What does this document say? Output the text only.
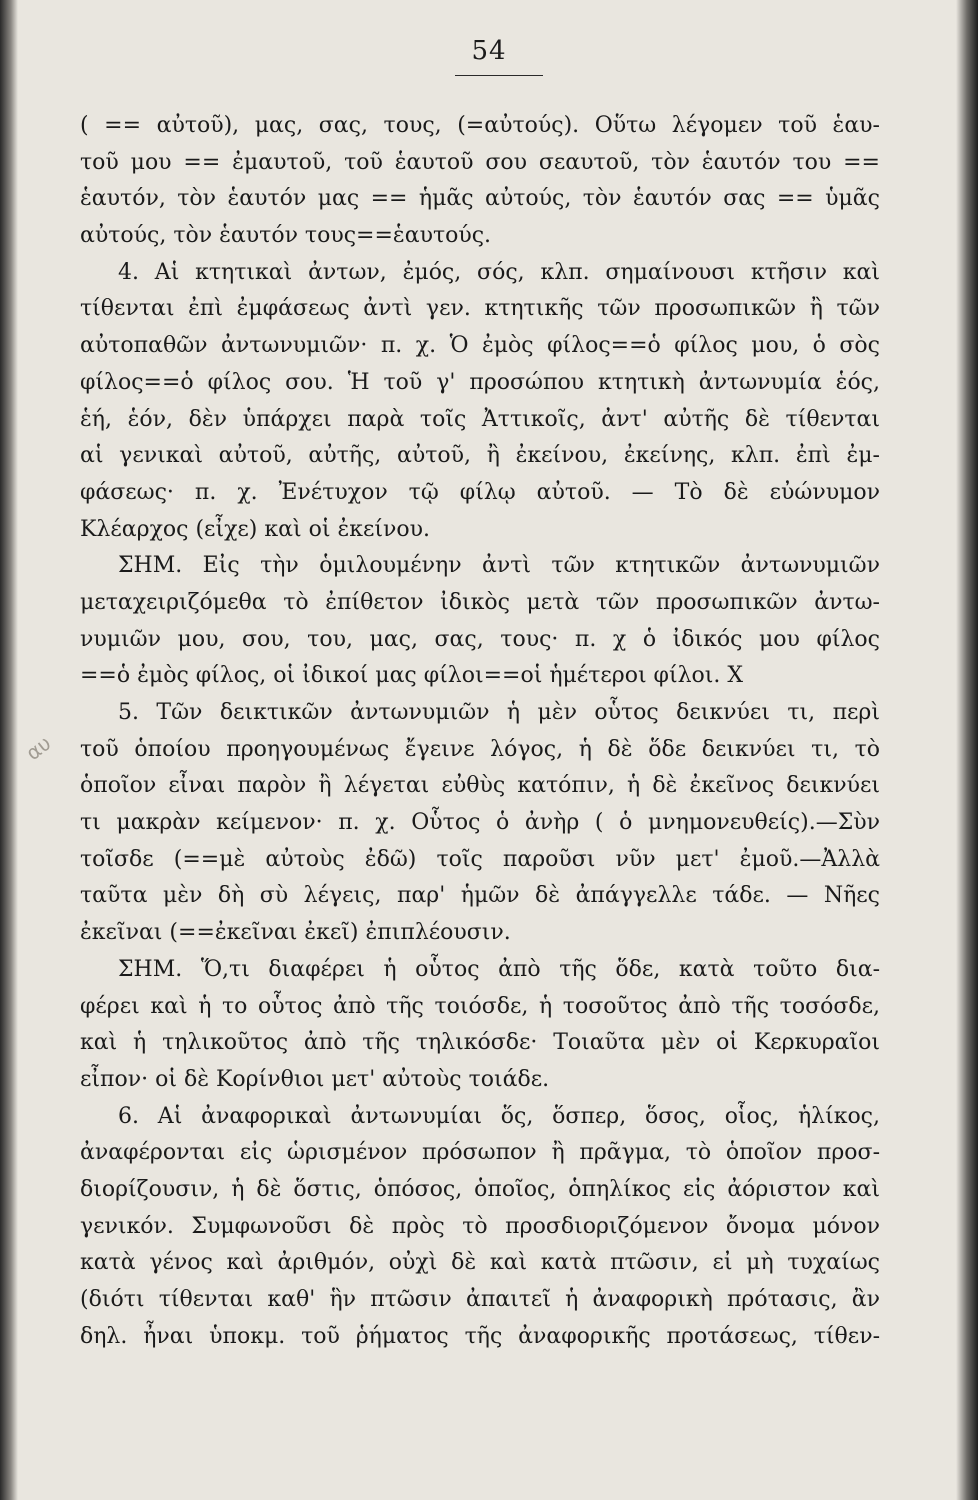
54
αυ
( == αὐτοῦ), μας, σας, τους, (=αὐτούς). Οὕτω λέγομεν τοῦ ἑαυ-
τοῦ μου == ἐμαυτοῦ, τοῦ ἑαυτοῦ σου σεαυτοῦ, τὸν ἑαυτόν του ==
ἑαυτόν, τὸν ἑαυτόν μας == ἡμᾶς αὐτούς, τὸν ἑαυτόν σας == ὑμᾶς
αὐτούς, τὸν ἑαυτόν τους==ἑαυτούς.
4. Αἱ κτητικαὶ ἀντων, ἐμός, σός, κλπ. σημαίνουσι κτῆσιν καὶ
τίθενται ἐπὶ ἐμφάσεως ἀντὶ γεν. κτητικῆς τῶν προσωπικῶν ἢ τῶν
αὐτοπαθῶν ἀντωνυμιῶν· π. χ. Ὁ ἐμὸς φίλος==ὁ φίλος μου, ὁ σὸς
φίλος==ὁ φίλος σου. Ἡ τοῦ γ' προσώπου κτητικὴ ἀντωνυμία ἑός,
ἑή, ἑόν, δὲν ὑπάρχει παρὰ τοῖς Ἀττικοῖς, ἀντ' αὐτῆς δὲ τίθενται
αἱ γενικαὶ αὐτοῦ, αὐτῆς, αὐτοῦ, ἢ ἐκείνου, ἐκείνης, κλπ. ἐπὶ ἐμ-
φάσεως· π. χ. Ἐνέτυχον τῷ φίλῳ αὐτοῦ. — Τὸ δὲ εὐώνυμον
Κλέαρχος (εἶχε) καὶ οἱ ἐκείνου.
ΣΗΜ. Εἰς τὴν ὁμιλουμένην ἀντὶ τῶν κτητικῶν ἀντωνυμιῶν
μεταχειριζόμεθα τὸ ἐπίθετον ἰδικὸς μετὰ τῶν προσωπικῶν ἀντω-
νυμιῶν μου, σου, του, μας, σας, τους· π. χ ὁ ἰδικός μου φίλος
==ὁ ἐμὸς φίλος, οἱ ἰδικοί μας φίλοι==οἱ ἡμέτεροι φίλοι. Χ
5. Τῶν δεικτικῶν ἀντωνυμιῶν ἡ μὲν οὗτος δεικνύει τι, περὶ
τοῦ ὁποίου προηγουμένως ἔγεινε λόγος, ἡ δὲ ὅδε δεικνύει τι, τὸ
ὁποῖον εἶναι παρὸν ἢ λέγεται εὐθὺς κατόπιν, ἡ δὲ ἐκεῖνος δεικνύει
τι μακρὰν κείμενον· π. χ. Οὗτος ὁ ἀνὴρ ( ὁ μνημονευθείς).—Σὺν
τοῖσδε (==μὲ αὐτοὺς ἐδῶ) τοῖς παροῦσι νῦν μετ' ἐμοῦ.—Ἀλλὰ
ταῦτα μὲν δὴ σὺ λέγεις, παρ' ἡμῶν δὲ ἀπάγγελλε τάδε. — Νῆες
ἐκεῖναι (==ἐκεῖναι ἐκεῖ) ἐπιπλέουσιν.
ΣΗΜ. Ὅ,τι διαφέρει ἡ οὗτος ἀπὸ τῆς ὅδε, κατὰ τοῦτο δια-
φέρει καὶ ἡ το οὗτος ἀπὸ τῆς τοιόσδε, ἡ τοσοῦτος ἀπὸ τῆς τοσόσδε,
καὶ ἡ τηλικοῦτος ἀπὸ τῆς τηλικόσδε· Τοιαῦτα μὲν οἱ Κερκυραῖοι
εἶπον· οἱ δὲ Κορίνθιοι μετ' αὐτοὺς τοιάδε.
6. Αἱ ἀναφορικαὶ ἀντωνυμίαι ὅς, ὅσπερ, ὅσος, οἷος, ἡλίκος,
ἀναφέρονται εἰς ὡρισμένον πρόσωπον ἢ πρᾶγμα, τὸ ὁποῖον προσ-
διορίζουσιν, ἡ δὲ ὅστις, ὁπόσος, ὁποῖος, ὁπηλίκος εἰς ἀόριστον καὶ
γενικόν. Συμφωνοῦσι δὲ πρὸς τὸ προσδιοριζόμενον ὄνομα μόνον
κατὰ γένος καὶ ἀριθμόν, οὐχὶ δὲ καὶ κατὰ πτῶσιν, εἰ μὴ τυχαίως
(διότι τίθενται καθ' ἣν πτῶσιν ἀπαιτεῖ ἡ ἀναφορικὴ πρότασις, ἂν
δηλ. ἦναι ὑποκμ. τοῦ ῥήματος τῆς ἀναφορικῆς προτάσεως, τίθεν-
